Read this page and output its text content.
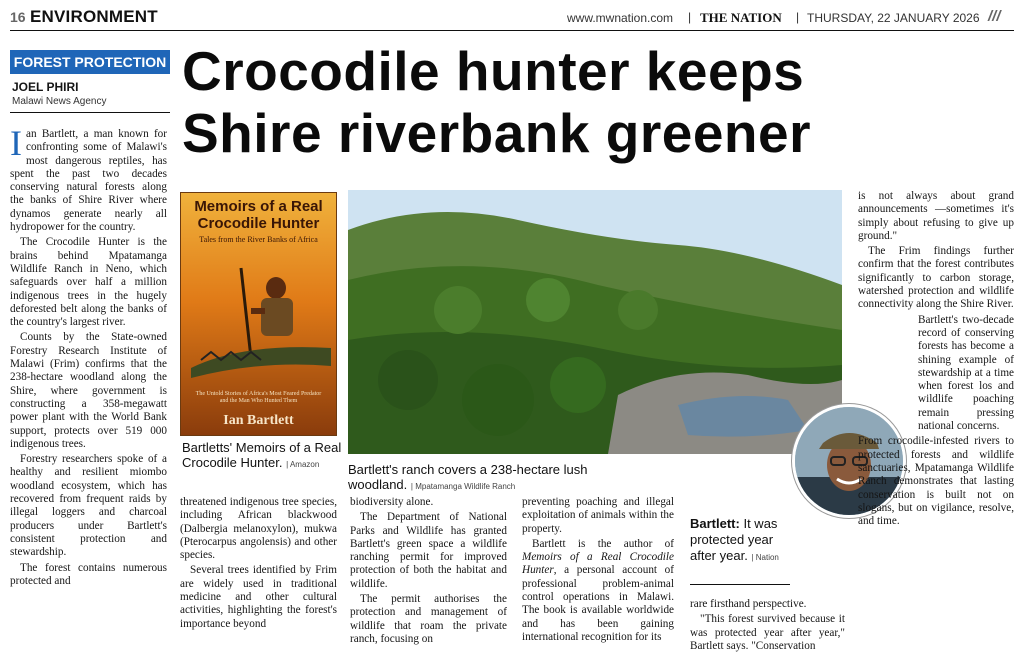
16 ENVIRONMENT	www.mwnation.com | THE NATION | THURSDAY, 22 JANUARY 2026 ///
FOREST PROTECTION
JOEL PHIRI
Malawi News Agency Crocodile hunter keeps
Shire riverbank greener

Ian Bartlett, a man known for confronting some of Malawi's most dangerous reptiles, has spent the past two decades conserving natural forests along the banks of Shire River where dynamos generate nearly all hydropower for the country.

The Crocodile Hunter is the brains behind Mpatamanga Wildlife Ranch in Neno, which safeguards over half a million indigenous trees in the hugely deforested belt along the banks of the country's largest river.

Counts by the State-owned Forestry Research Institute of Malawi (Frim) confirms that the 238-hectare woodland along the Shire, where government is constructing a 358-megawatt power plant with the World Bank support, protects over 519 000 indigenous trees.

Forestry researchers spoke of a healthy and resilient miombo woodland ecosystem, which has recovered from frequent raids by illegal loggers and charcoal producers under Bartlett's consistent protection and stewardship.

The forest contains numerous protected and

Memoirs of a Real
Crocodile Hunter
Tales from the River Banks of Africa
The Untold Stories of Africa's Most Feared Predator and the Man Who Hunted Them
Ian Bartlett
Bartletts' Memoirs of a Real Crocodile Hunter. | Amazon	Bartlett's ranch covers a 238-hectare lush woodland. | Mpatamanga Wildlife Ranch

threatened indigenous tree species, including African blackwood (Dalbergia melanoxylon), mukwa (Pterocarpus angolensis) and other species.

Several trees identified by Frim are widely used in traditional medicine and other cultural activities, highlighting the forest's importance beyond

biodiversity alone.

The Department of National Parks and Wildlife has granted Bartlett's green space a wildlife ranching permit for improved protection of both the habitat and wildlife.

The permit authorises the protection and management of wildlife that roam the private ranch, focusing on

preventing poaching and illegal exploitation of animals within the property.

Bartlett is the author of Memoirs of a Real Crocodile Hunter, a personal account of professional problem-animal control operations in Malawi. The book is available worldwide and has been gaining international recognition for its

Bartlett: It was protected year after year. | Nation

rare firsthand perspective.

"This forest survived because it was protected year after year," Bartlett says. "Conservation

is not always about grand announcements —sometimes it's simply about refusing to give up ground."

The Frim findings further confirm that the forest contributes significantly to carbon storage, watershed protection and wildlife connectivity along the Shire River.

Bartlett's two-decade record of conserving forests has become a shining example of stewardship at a time when forest los and wildlife poaching remain pressing national concerns.

From crocodile-infested rivers to protected forests and wildlife sanctuaries, Mpatamanga Wildlife Ranch demonstrates that lasting conservation is built not on slogans, but on vigilance, resolve, and time.
